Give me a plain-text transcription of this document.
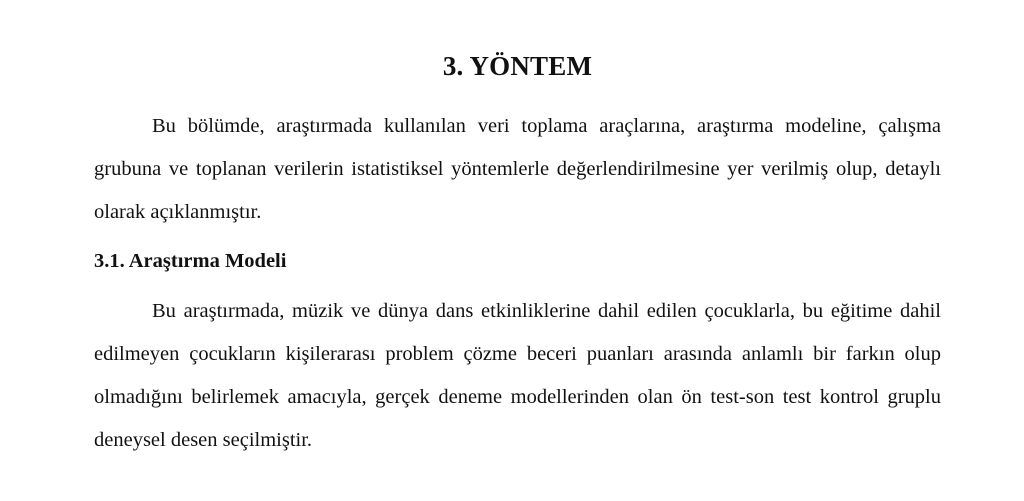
3. YÖNTEM

Bu bölümde, araştırmada kullanılan veri toplama araçlarına, araştırma modeline, çalışma grubuna ve toplanan verilerin istatistiksel yöntemlerle değerlendirilmesine yer verilmiş olup, detaylı olarak açıklanmıştır.

3.1. Araştırma Modeli

Bu araştırmada, müzik ve dünya dans etkinliklerine dahil edilen çocuklarla, bu eğitime dahil edilmeyen çocukların kişilerarası problem çözme beceri puanları arasında anlamlı bir farkın olup olmadığını belirlemek amacıyla, gerçek deneme modellerinden olan ön test-son test kontrol gruplu deneysel desen seçilmiştir.
